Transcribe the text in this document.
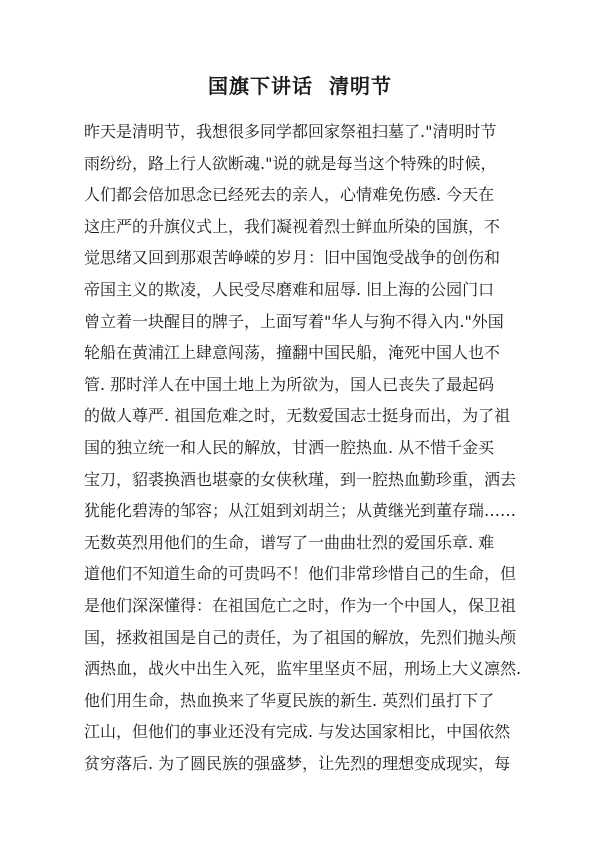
国旗下讲话  清明节
昨天是清明节，我想很多同学都回家祭祖扫墓了."清明时节
雨纷纷，路上行人欲断魂."说的就是每当这个特殊的时候，
人们都会倍加思念已经死去的亲人，心情难免伤感. 今天在
这庄严的升旗仪式上，我们凝视着烈士鲜血所染的国旗，不
觉思绪又回到那艰苦峥嵘的岁月：旧中国饱受战争的创伤和
帝国主义的欺凌，人民受尽磨难和屈辱. 旧上海的公园门口
曾立着一块醒目的牌子，上面写着"华人与狗不得入内."外国
轮船在黄浦江上肆意闯荡，撞翻中国民船，淹死中国人也不
管. 那时洋人在中国土地上为所欲为，国人已丧失了最起码
的做人尊严. 祖国危难之时，无数爱国志士挺身而出，为了祖
国的独立统一和人民的解放，甘洒一腔热血. 从不惜千金买
宝刀，貂裘换酒也堪豪的女侠秋瑾，到一腔热血勤珍重，洒去
犹能化碧涛的邹容；从江姐到刘胡兰；从黄继光到董存瑞……
无数英烈用他们的生命，谱写了一曲曲壮烈的爱国乐章. 难
道他们不知道生命的可贵吗不！他们非常珍惜自己的生命，但
是他们深深懂得：在祖国危亡之时，作为一个中国人，保卫祖
国，拯救祖国是自己的责任，为了祖国的解放，先烈们抛头颅
洒热血，战火中出生入死，监牢里坚贞不屈，刑场上大义凛然.
他们用生命，热血换来了华夏民族的新生. 英烈们虽打下了
江山，但他们的事业还没有完成. 与发达国家相比，中国依然
贫穷落后. 为了圆民族的强盛梦，让先烈的理想变成现实，每
